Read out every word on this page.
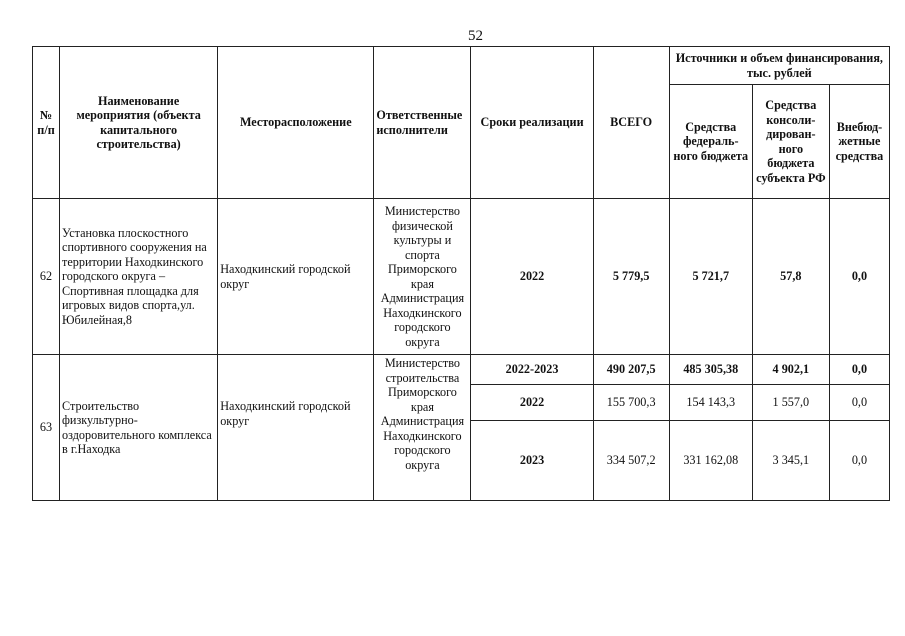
52
№ п/п	Наименование мероприятия (объекта капитального строительства)	Месторасположение	Ответственные исполнители	Сроки реализации	ВСЕГО	Источники и объем финансирования, тыс. рублей		
						Средства федераль-ного бюджета	Средства консоли-дирован-ного бюджета субъекта РФ	Внебюд-жетные средства
62	Установка плоскостного спортивного сооружения на территории Находкинского городского округа – Спортивная площадка для игровых видов спорта,ул. Юбилейная,8	Находкинский городской округ	Министерство физической культуры и спорта Приморского края Администрация Находкинского городского округа	2022	5 779,5	5 721,7	57,8	0,0
63	Строительство физкультурно-оздоровительного комплекса в г.Находка	Находкинский городской округ	Министерство строительства Приморского края Администрация Находкинского городского округа	2022-2023	490 207,5	485 305,38	4 902,1	0,0
				2022	155 700,3	154 143,3	1 557,0	0,0
				2023	334 507,2	331 162,08	3 345,1	0,0
